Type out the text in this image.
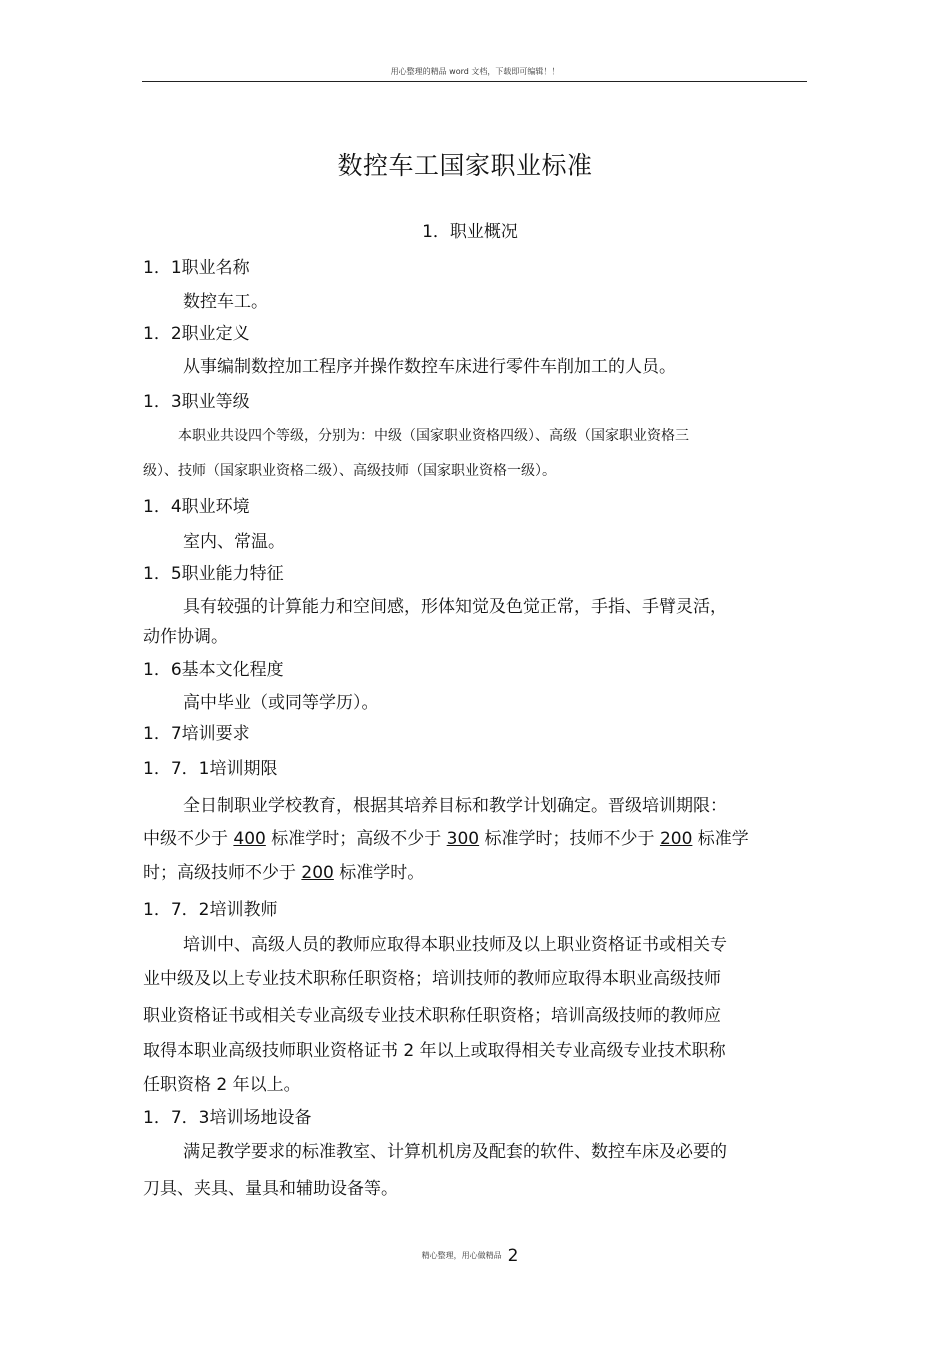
用心整理的精品 word 文档，下载即可编辑！！
数控车工国家职业标准
1．职业概况
1．1职业名称
数控车工。
1．2职业定义
从事编制数控加工程序并操作数控车床进行零件车削加工的人员。
1．3职业等级
本职业共设四个等级，分别为：中级（国家职业资格四级）、高级（国家职业资格三
级）、技师（国家职业资格二级）、高级技师（国家职业资格一级）。
1．4职业环境
室内、常温。
1．5职业能力特征
具有较强的计算能力和空间感，形体知觉及色觉正常，手指、手臂灵活，
动作协调。
1．6基本文化程度
高中毕业（或同等学历）。
1．7培训要求
1．7．1培训期限
全日制职业学校教育，根据其培养目标和教学计划确定。晋级培训期限：
中级不少于 400 标准学时；高级不少于 300 标准学时；技师不少于 200 标准学
时；高级技师不少于 200 标准学时。
1．7．2培训教师
培训中、高级人员的教师应取得本职业技师及以上职业资格证书或相关专
业中级及以上专业技术职称任职资格；培训技师的教师应取得本职业高级技师
职业资格证书或相关专业高级专业技术职称任职资格；培训高级技师的教师应
取得本职业高级技师职业资格证书 2 年以上或取得相关专业高级专业技术职称
任职资格 2 年以上。
1．7．3培训场地设备
满足教学要求的标准教室、计算机机房及配套的软件、数控车床及必要的
刀具、夹具、量具和辅助设备等。
精心整理，用心做精品 2
